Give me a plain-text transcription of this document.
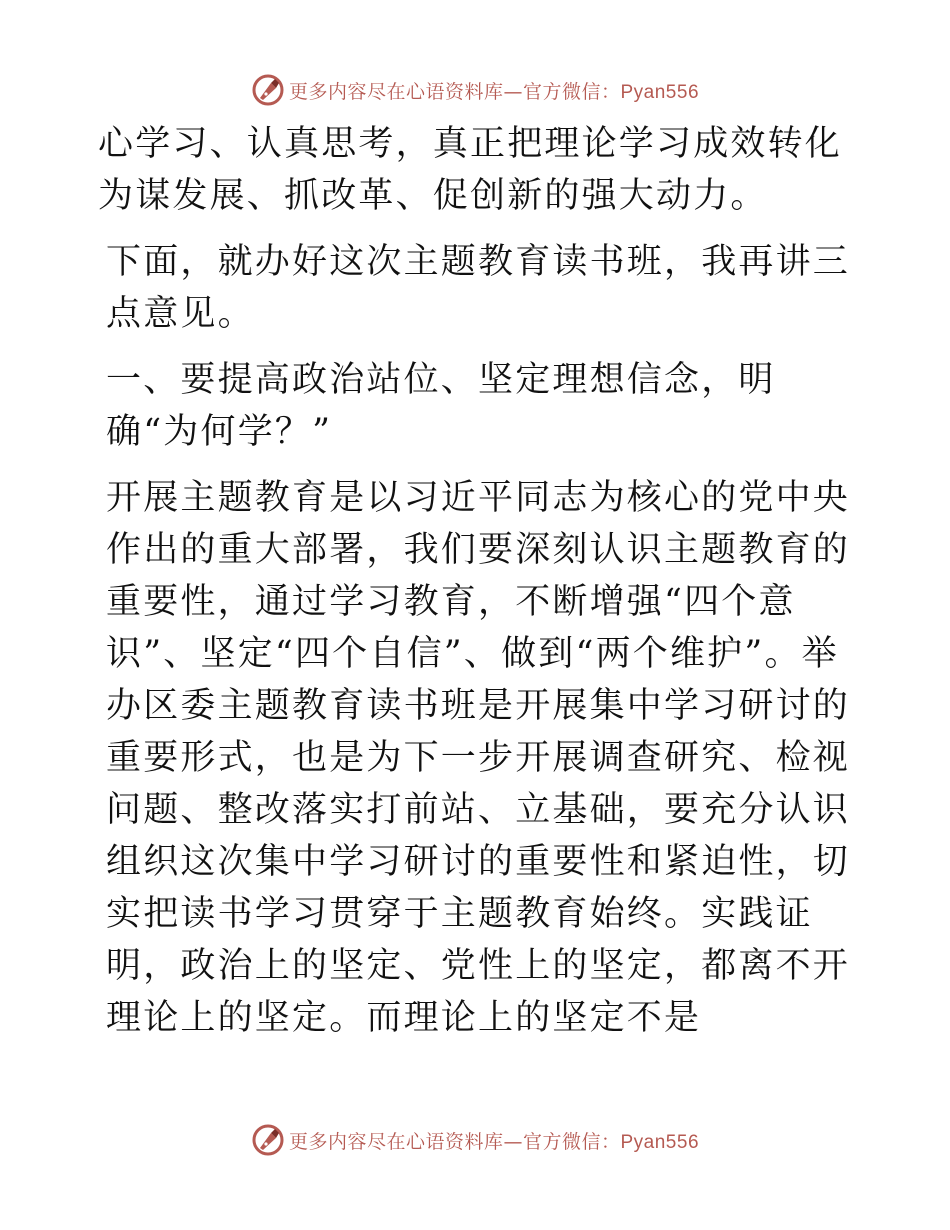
更多内容尽在心语资料库—官方微信：Pyan556

心学习、认真思考，真正把理论学习成效转化为谋发展、抓改革、促创新的强大动力。

下面，就办好这次主题教育读书班，我再讲三点意见。

一、要提高政治站位、坚定理想信念，明确“为何学？”

开展主题教育是以习近平同志为核心的党中央作出的重大部署，我们要深刻认识主题教育的重要性，通过学习教育，不断增强“四个意识”、坚定“四个自信”、做到“两个维护”。举办区委主题教育读书班是开展集中学习研讨的重要形式，也是为下一步开展调查研究、检视问题、整改落实打前站、立基础，要充分认识组织这次集中学习研讨的重要性和紧迫性，切实把读书学习贯穿于主题教育始终。实践证明，政治上的坚定、党性上的坚定，都离不开理论上的坚定。而理论上的坚定不是

更多内容尽在心语资料库—官方微信：Pyan556
